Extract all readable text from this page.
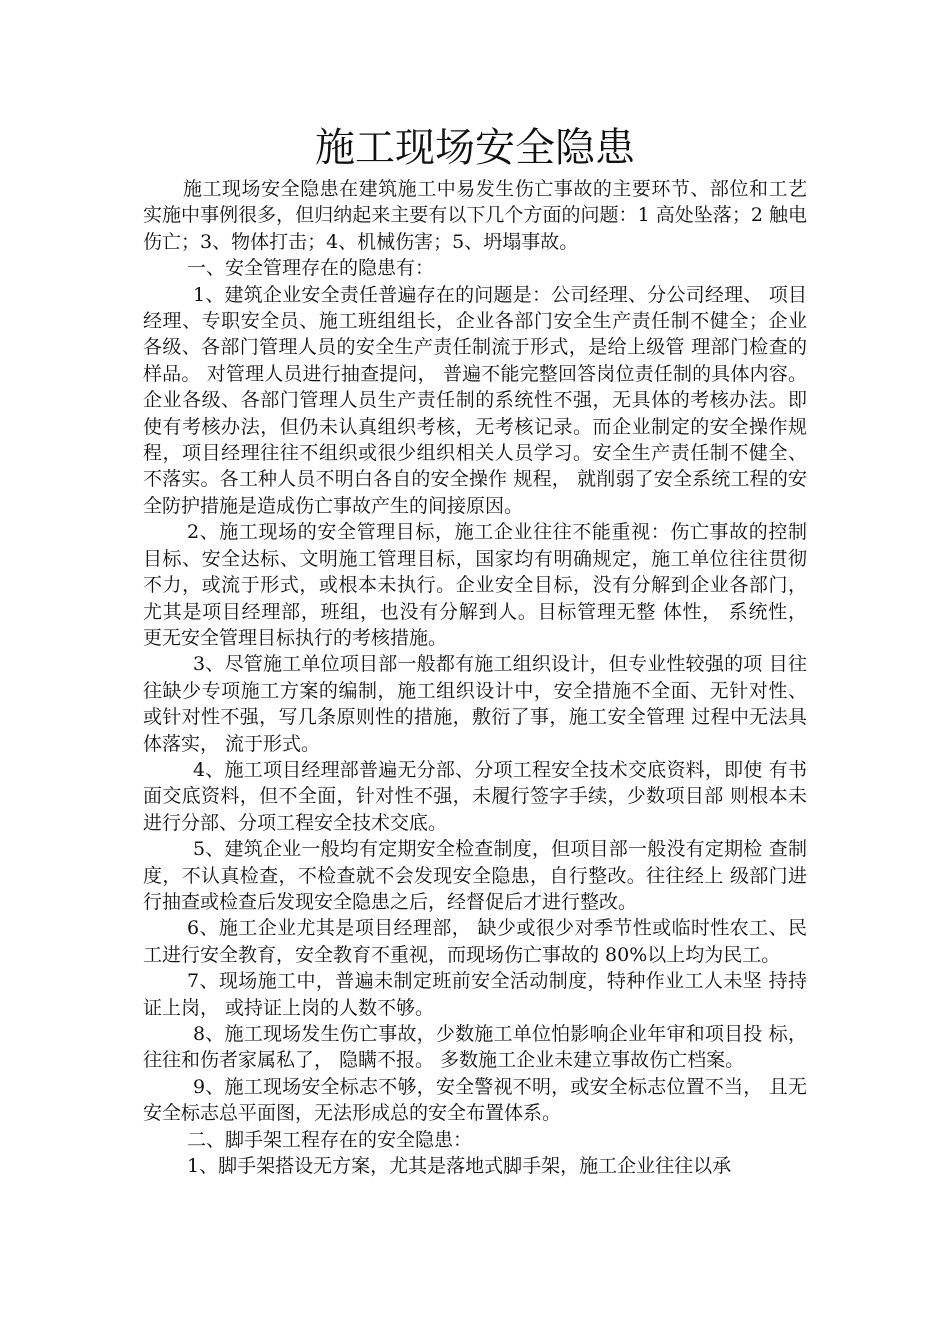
施工现场安全隐患

施工现场安全隐患在建筑施工中易发生伤亡事故的主要环节、部位和工艺实施中事例很多，但归纳起来主要有以下几个方面的问题：1 高处坠落；2 触电伤亡；3、物体打击；4、机械伤害；5、坍塌事故。

一、安全管理存在的隐患有：

1、建筑企业安全责任普遍存在的问题是：公司经理、分公司经理、 项目经理、专职安全员、施工班组组长，企业各部门安全生产责任制不健全；企业各级、各部门管理人员的安全生产责任制流于形式，是给上级管 理部门检查的样品。 对管理人员进行抽查提问， 普遍不能完整回答岗位责任制的具体内容。企业各级、各部门管理人员生产责任制的系统性不强，无具体的考核办法。即使有考核办法，但仍未认真组织考核，无考核记录。而企业制定的安全操作规程，项目经理往往不组织或很少组织相关人员学习。安全生产责任制不健全、不落实。各工种人员不明白各自的安全操作 规程， 就削弱了安全系统工程的安全防护措施是造成伤亡事故产生的间接原因。

2、施工现场的安全管理目标，施工企业往往不能重视：伤亡事故的控制目标、安全达标、文明施工管理目标，国家均有明确规定，施工单位往往贯彻不力，或流于形式，或根本未执行。企业安全目标，没有分解到企业各部门，尤其是项目经理部，班组，也没有分解到人。目标管理无整 体性， 系统性， 更无安全管理目标执行的考核措施。

3、尽管施工单位项目部一般都有施工组织设计，但专业性较强的项 目往往缺少专项施工方案的编制，施工组织设计中，安全措施不全面、无针对性、或针对性不强，写几条原则性的措施，敷衍了事，施工安全管理 过程中无法具体落实， 流于形式。

4、施工项目经理部普遍无分部、分项工程安全技术交底资料，即使 有书面交底资料，但不全面，针对性不强，未履行签字手续，少数项目部 则根本未进行分部、分项工程安全技术交底。

5、建筑企业一般均有定期安全检查制度，但项目部一般没有定期检 查制度，不认真检查，不检查就不会发现安全隐患，自行整改。往往经上 级部门进行抽查或检查后发现安全隐患之后，经督促后才进行整改。

6、施工企业尤其是项目经理部， 缺少或很少对季节性或临时性农工、民工进行安全教育，安全教育不重视，而现场伤亡事故的 80%以上均为民工。

7、现场施工中，普遍未制定班前安全活动制度，特种作业工人未坚 持持证上岗， 或持证上岗的人数不够。

8、施工现场发生伤亡事故，少数施工单位怕影响企业年审和项目投 标， 往往和伤者家属私了， 隐瞒不报。 多数施工企业未建立事故伤亡档案。

9、施工现场安全标志不够，安全警视不明，或安全标志位置不当， 且无安全标志总平面图，无法形成总的安全布置体系。

二、脚手架工程存在的安全隐患：

1、脚手架搭设无方案，尤其是落地式脚手架，施工企业往往以承
